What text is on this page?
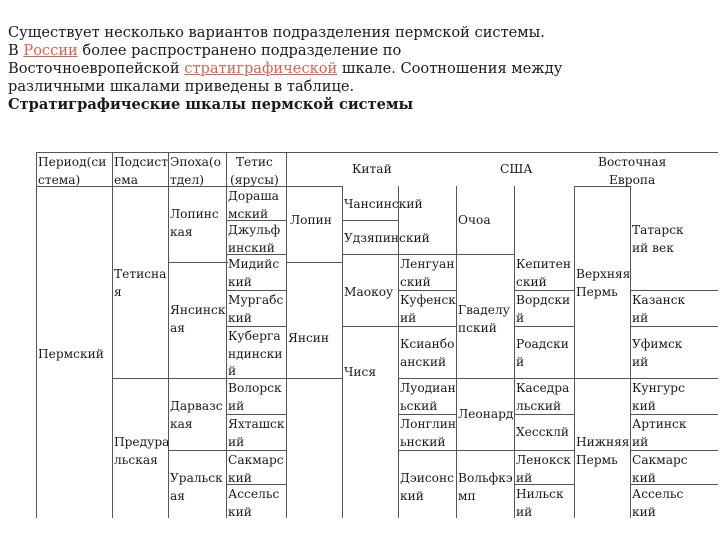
Существует несколько вариантов подразделения пермской системы.

В России более распространено подразделение по

Восточноевропейской стратиграфической шкале. Соотношения между

различными шкалами приведены в таблице.

Стратиграфические шкалы пермской системы

Период(си
стема)
Подсист
ема
Эпоха(о
тдел)
Тетис
(ярусы)
Китай	США	Восточная
Европа
Пермский
Тетисна
я
Предура
льская
Лопинс
кая
Янсинск
ая
Дарвазс
кая
Уральск
ая
Дораша
мский
Джульф
инский
Мидийс
кий
Мургабс
кий
Куберга
ндински
й
Волорск
ий
Яхташск
ий
Сакмарс
кий
Ассельс
кий
Лопин
Янсин
Чансинский
Удзяпинский
Маокоу
Чися
Ленгуан
ский
Куфенск
ий
Ксианбо
анский
Луодиан
ьский
Лонглин
ьнский
Дэисонс
кий
Очоа
Гваделу
пский
Леонард
Вольфкэ
мп
Кепитен
ский
Вордски
й
Роадски
й
Каседра
льский
Хессклй
Ленокск
ий
Нильск
ий
Верхняя
Пермь
Нижняя
Пермь
Татарск
ий век
Казанск
ий
Уфимск
ий
Кунгурс
кий
Артинск
ий
Сакмарс
кий
Ассельс
кий
